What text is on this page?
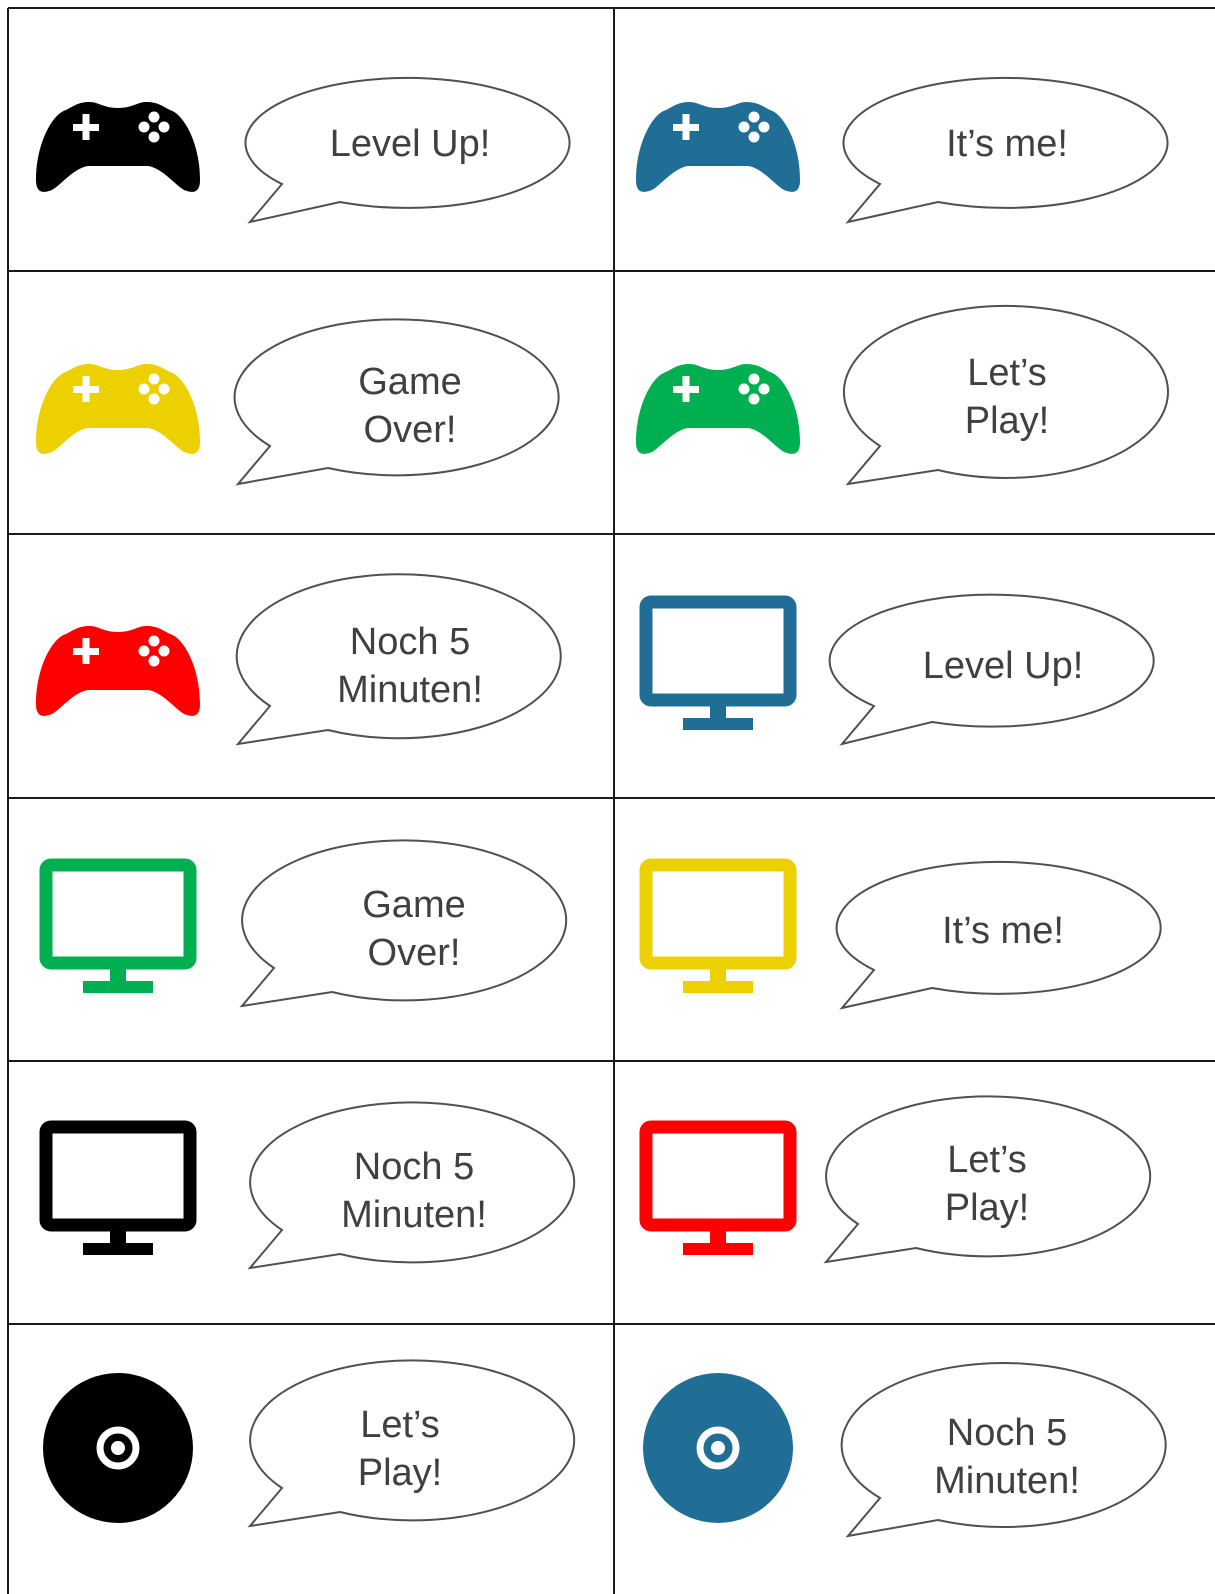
Level Up!	It’s me!
Game
Over!
Let’s
Play!
Noch 5
Minuten!
Level Up!
Game
Over!
It’s me!
Noch 5
Minuten!
Let’s
Play!
Let’s
Play!
Noch 5
Minuten!
